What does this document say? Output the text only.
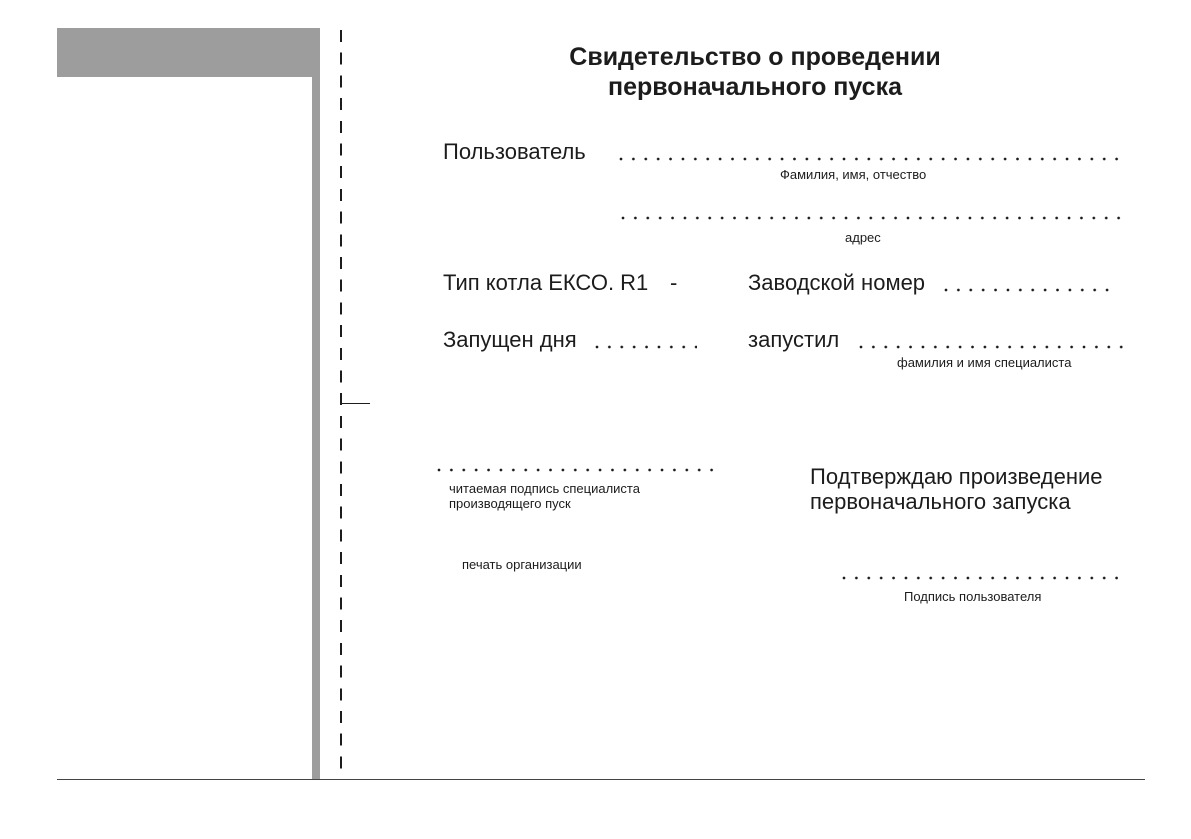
Свидетельство о проведении
первоначального пуска
Пользователь
Фамилия, имя, отчество
адрес
Тип котла ЕКСО. R1 -	Заводской номер
Запущен дня	запустил
фамилия и имя специалиста
читаемая подпись специалиста
производящего пуск
Подтверждаю произведение
первоначального запуска
печать организации
Подпись пользователя
